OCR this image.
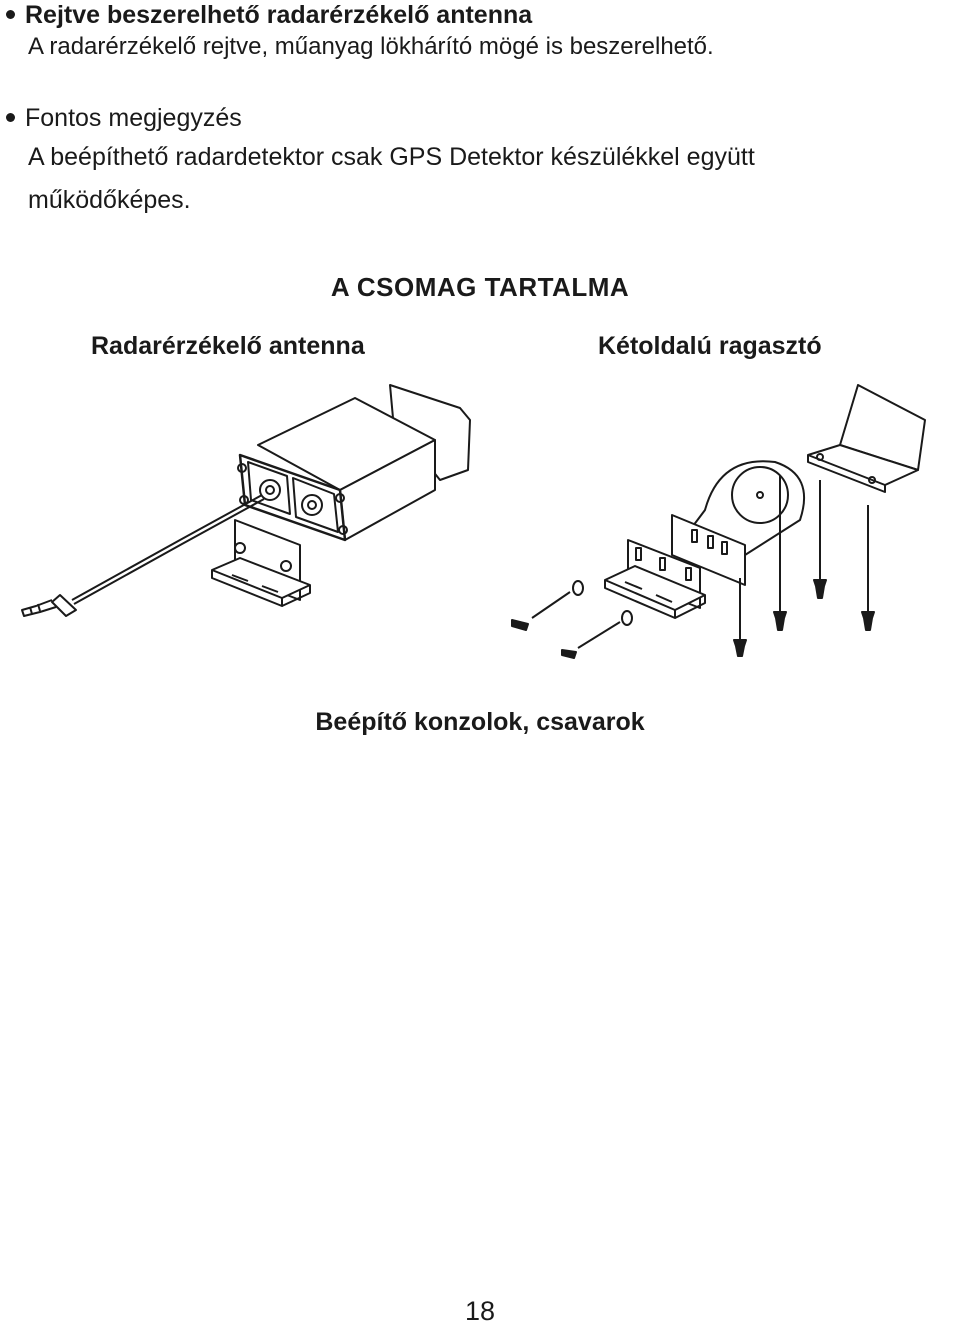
Rejtve beszerelhető radarérzékelő antenna
A radarérzékelő rejtve, műanyag lökhárító mögé is beszerelhető.
Fontos megjegyzés
A beépíthető radardetektor csak GPS Detektor készülékkel együtt
működőképes.
A CSOMAG TARTALMA
Radarérzékelő antenna	Kétoldalú ragasztó
Beépítő konzolok, csavarok
18
